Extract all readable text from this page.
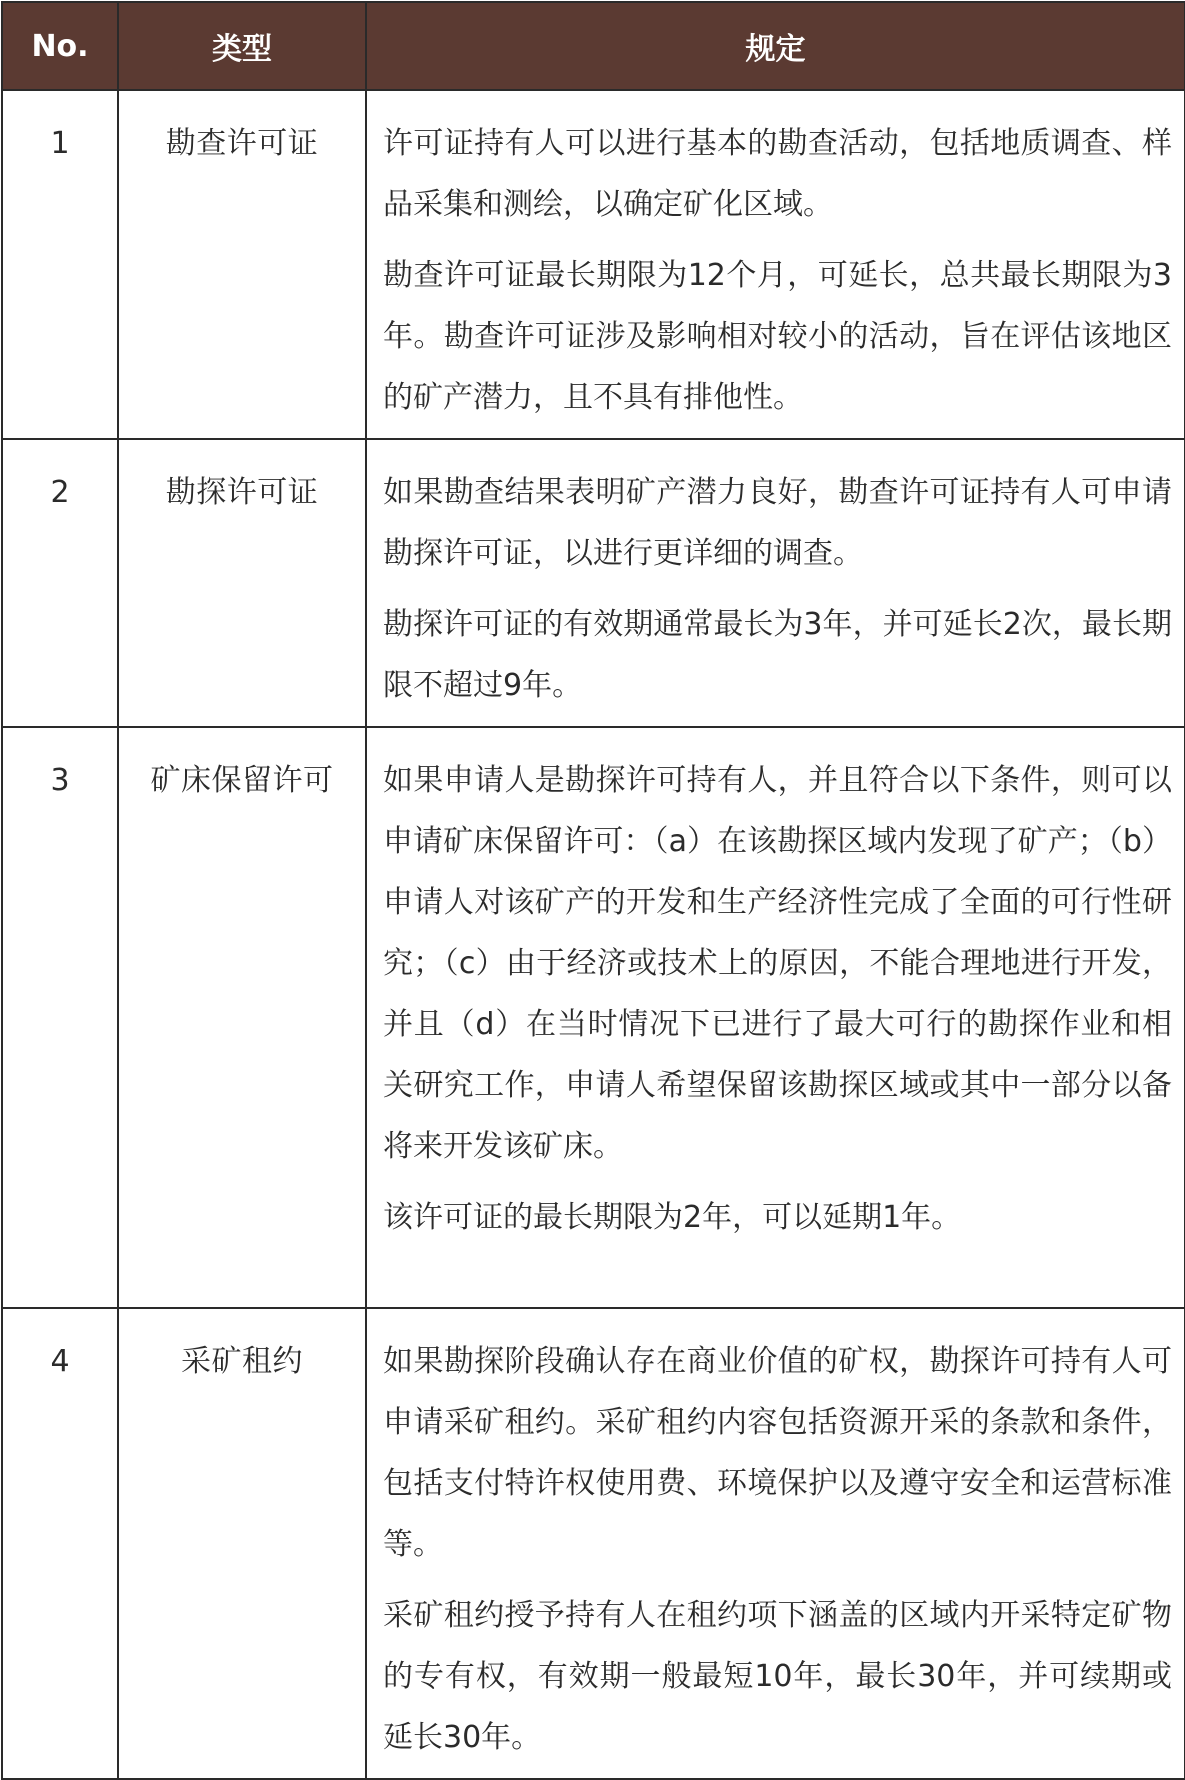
No.	类型	规定
1	勘查许可证	许可证持有人可以进行基本的勘查活动，包括地质调查、样品采集和测绘，以确定矿化区域。

勘查许可证最长期限为12个月，可延长，总共最长期限为3 年。勘查许可证涉及影响相对较小的活动，旨在评估该地区的矿产潜力，且不具有排他性。

2	勘探许可证	如果勘查结果表明矿产潜力良好，勘查许可证持有人可申请勘探许可证，以进行更详细的调查。

勘探许可证的有效期通常最长为3年，并可延长2次，最长期限不超过9年。

3	矿床保留许可	如果申请人是勘探许可持有人，并且符合以下条件，则可以申请矿床保留许可：（a）在该勘探区域内发现了矿产；（b）申请人对该矿产的开发和生产经济性完成了全面的可行性研究；（c）由于经济或技术上的原因，不能合理地进行开发，并且（d）在当时情况下已进行了最大可行的勘探作业和相关研究工作，申请人希望保留该勘探区域或其中一部分以备将来开发该矿床。

该许可证的最长期限为2年，可以延期1年。

4	采矿租约	如果勘探阶段确认存在商业价值的矿权，勘探许可持有人可申请采矿租约。采矿租约内容包括资源开采的条款和条件，包括支付特许权使用费、环境保护以及遵守安全和运营标准等。

采矿租约授予持有人在租约项下涵盖的区域内开采特定矿物的专有权，有效期一般最短10年，最长30年，并可续期或延长30年。
